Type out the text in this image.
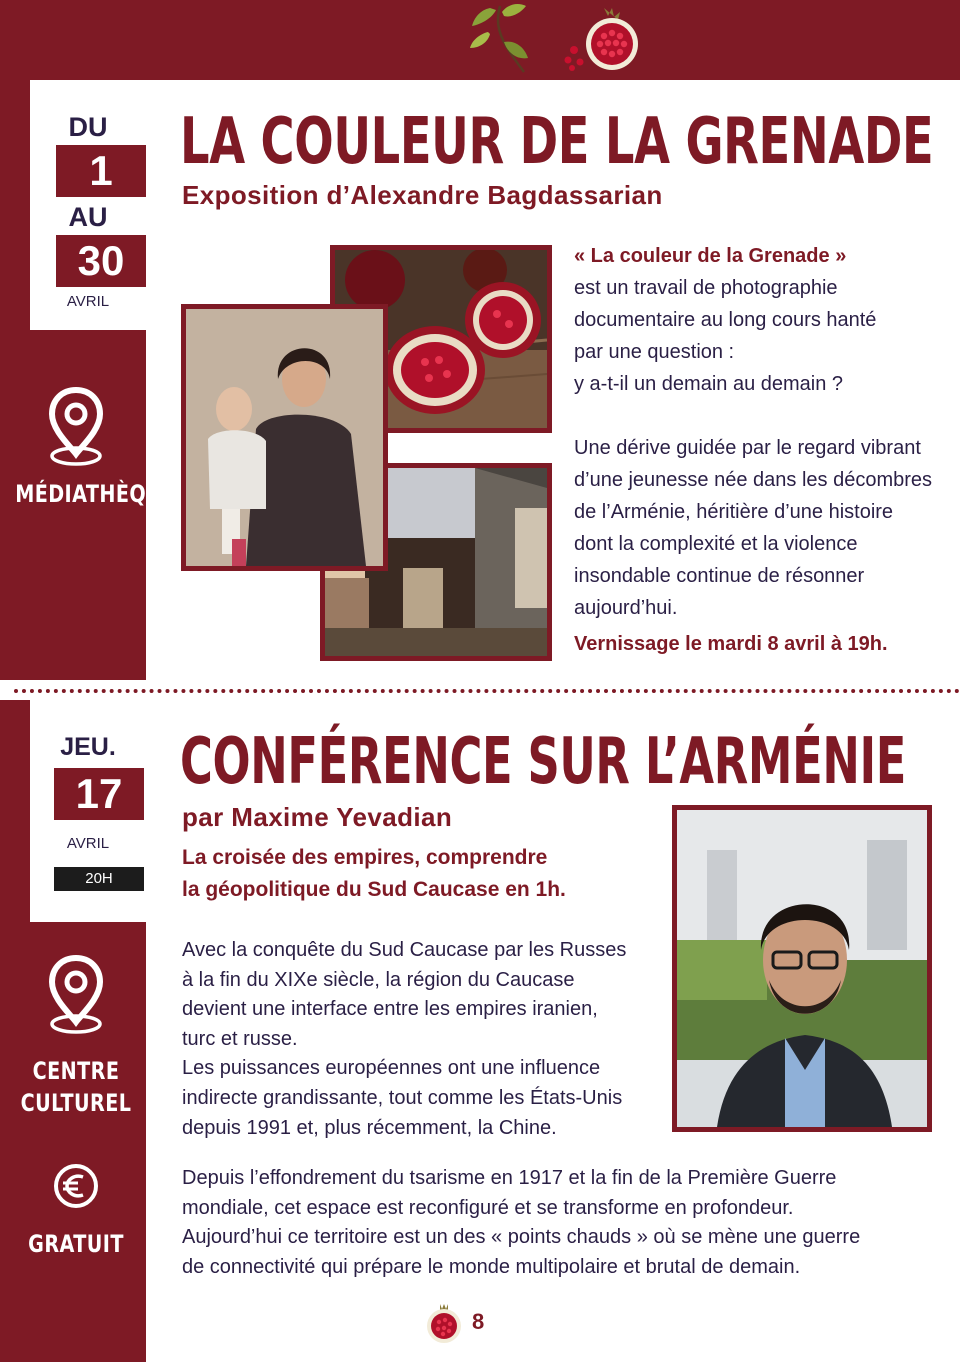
DU
1
AU
30
AVRIL
MÉDIATHÈQUE
LA COULEUR DE LA GRENADE
Exposition d’Alexandre Bagdassarian

« La couleur de la Grenade »
est un travail de photographie
documentaire au long cours hanté
par une question :
y a-t-il un demain au demain ?

Une dérive guidée par le regard vibrant
d’une jeunesse née dans les décombres
de l’Arménie, héritière d’une histoire
dont la complexité et la violence
insondable continue de résonner
aujourd’hui.

Vernissage le mardi 8 avril à 19h.

JEU.
17
AVRIL
20H
CENTRE
CULTUREL
GRATUIT
CONFÉRENCE SUR L’ARMÉNIE
par Maxime Yevadian
La croisée des empires, comprendre
la géopolitique du Sud Caucase en 1h.
Avec la conquête du Sud Caucase par les Russes
à la fin du XIXe siècle, la région du Caucase
devient une interface entre les empires iranien,
turc et russe.
Les puissances européennes ont une influence
indirecte grandissante, tout comme les États-Unis
depuis 1991 et, plus récemment, la Chine.
Depuis l’effondrement du tsarisme en 1917 et la fin de la Première Guerre
mondiale, cet espace est reconfiguré et se transforme en profondeur.
Aujourd’hui ce territoire est un des « points chauds » où se mène une guerre
de connectivité qui prépare le monde multipolaire et brutal de demain.
8
